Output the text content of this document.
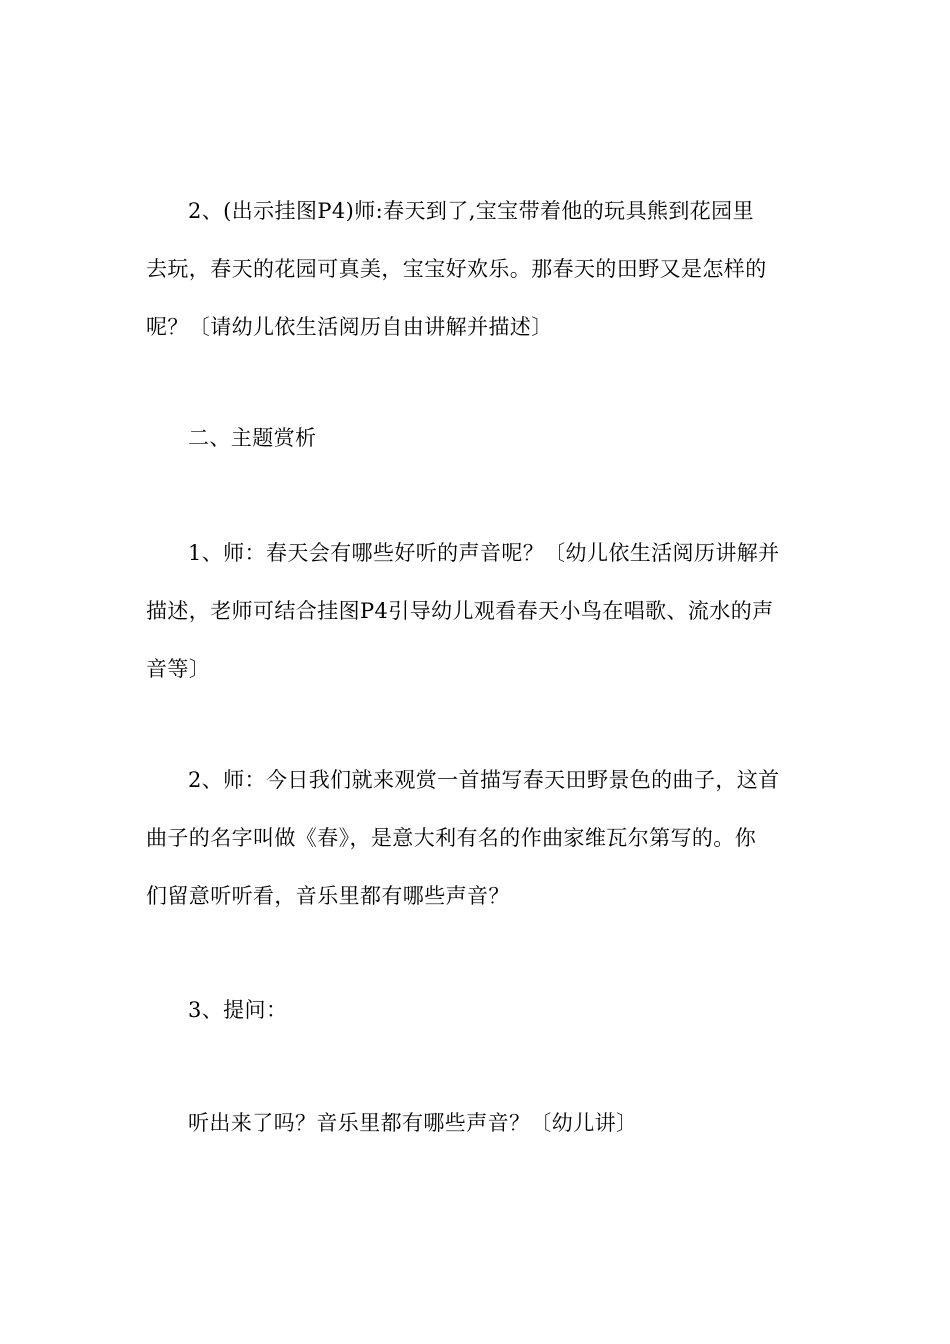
2、(出示挂图P4)师:春天到了,宝宝带着他的玩具熊到花园里
去玩，春天的花园可真美，宝宝好欢乐。那春天的田野又是怎样的
呢？〔请幼儿依生活阅历自由讲解并描述〕

二、主题赏析

1、师：春天会有哪些好听的声音呢？〔幼儿依生活阅历讲解并
描述，老师可结合挂图P4引导幼儿观看春天小鸟在唱歌、流水的声
音等〕

2、师：今日我们就来观赏一首描写春天田野景色的曲子，这首
曲子的名字叫做《春》，是意大利有名的作曲家维瓦尔第写的。你
们留意听听看，音乐里都有哪些声音？

3、提问：

听出来了吗？音乐里都有哪些声音？〔幼儿讲〕
